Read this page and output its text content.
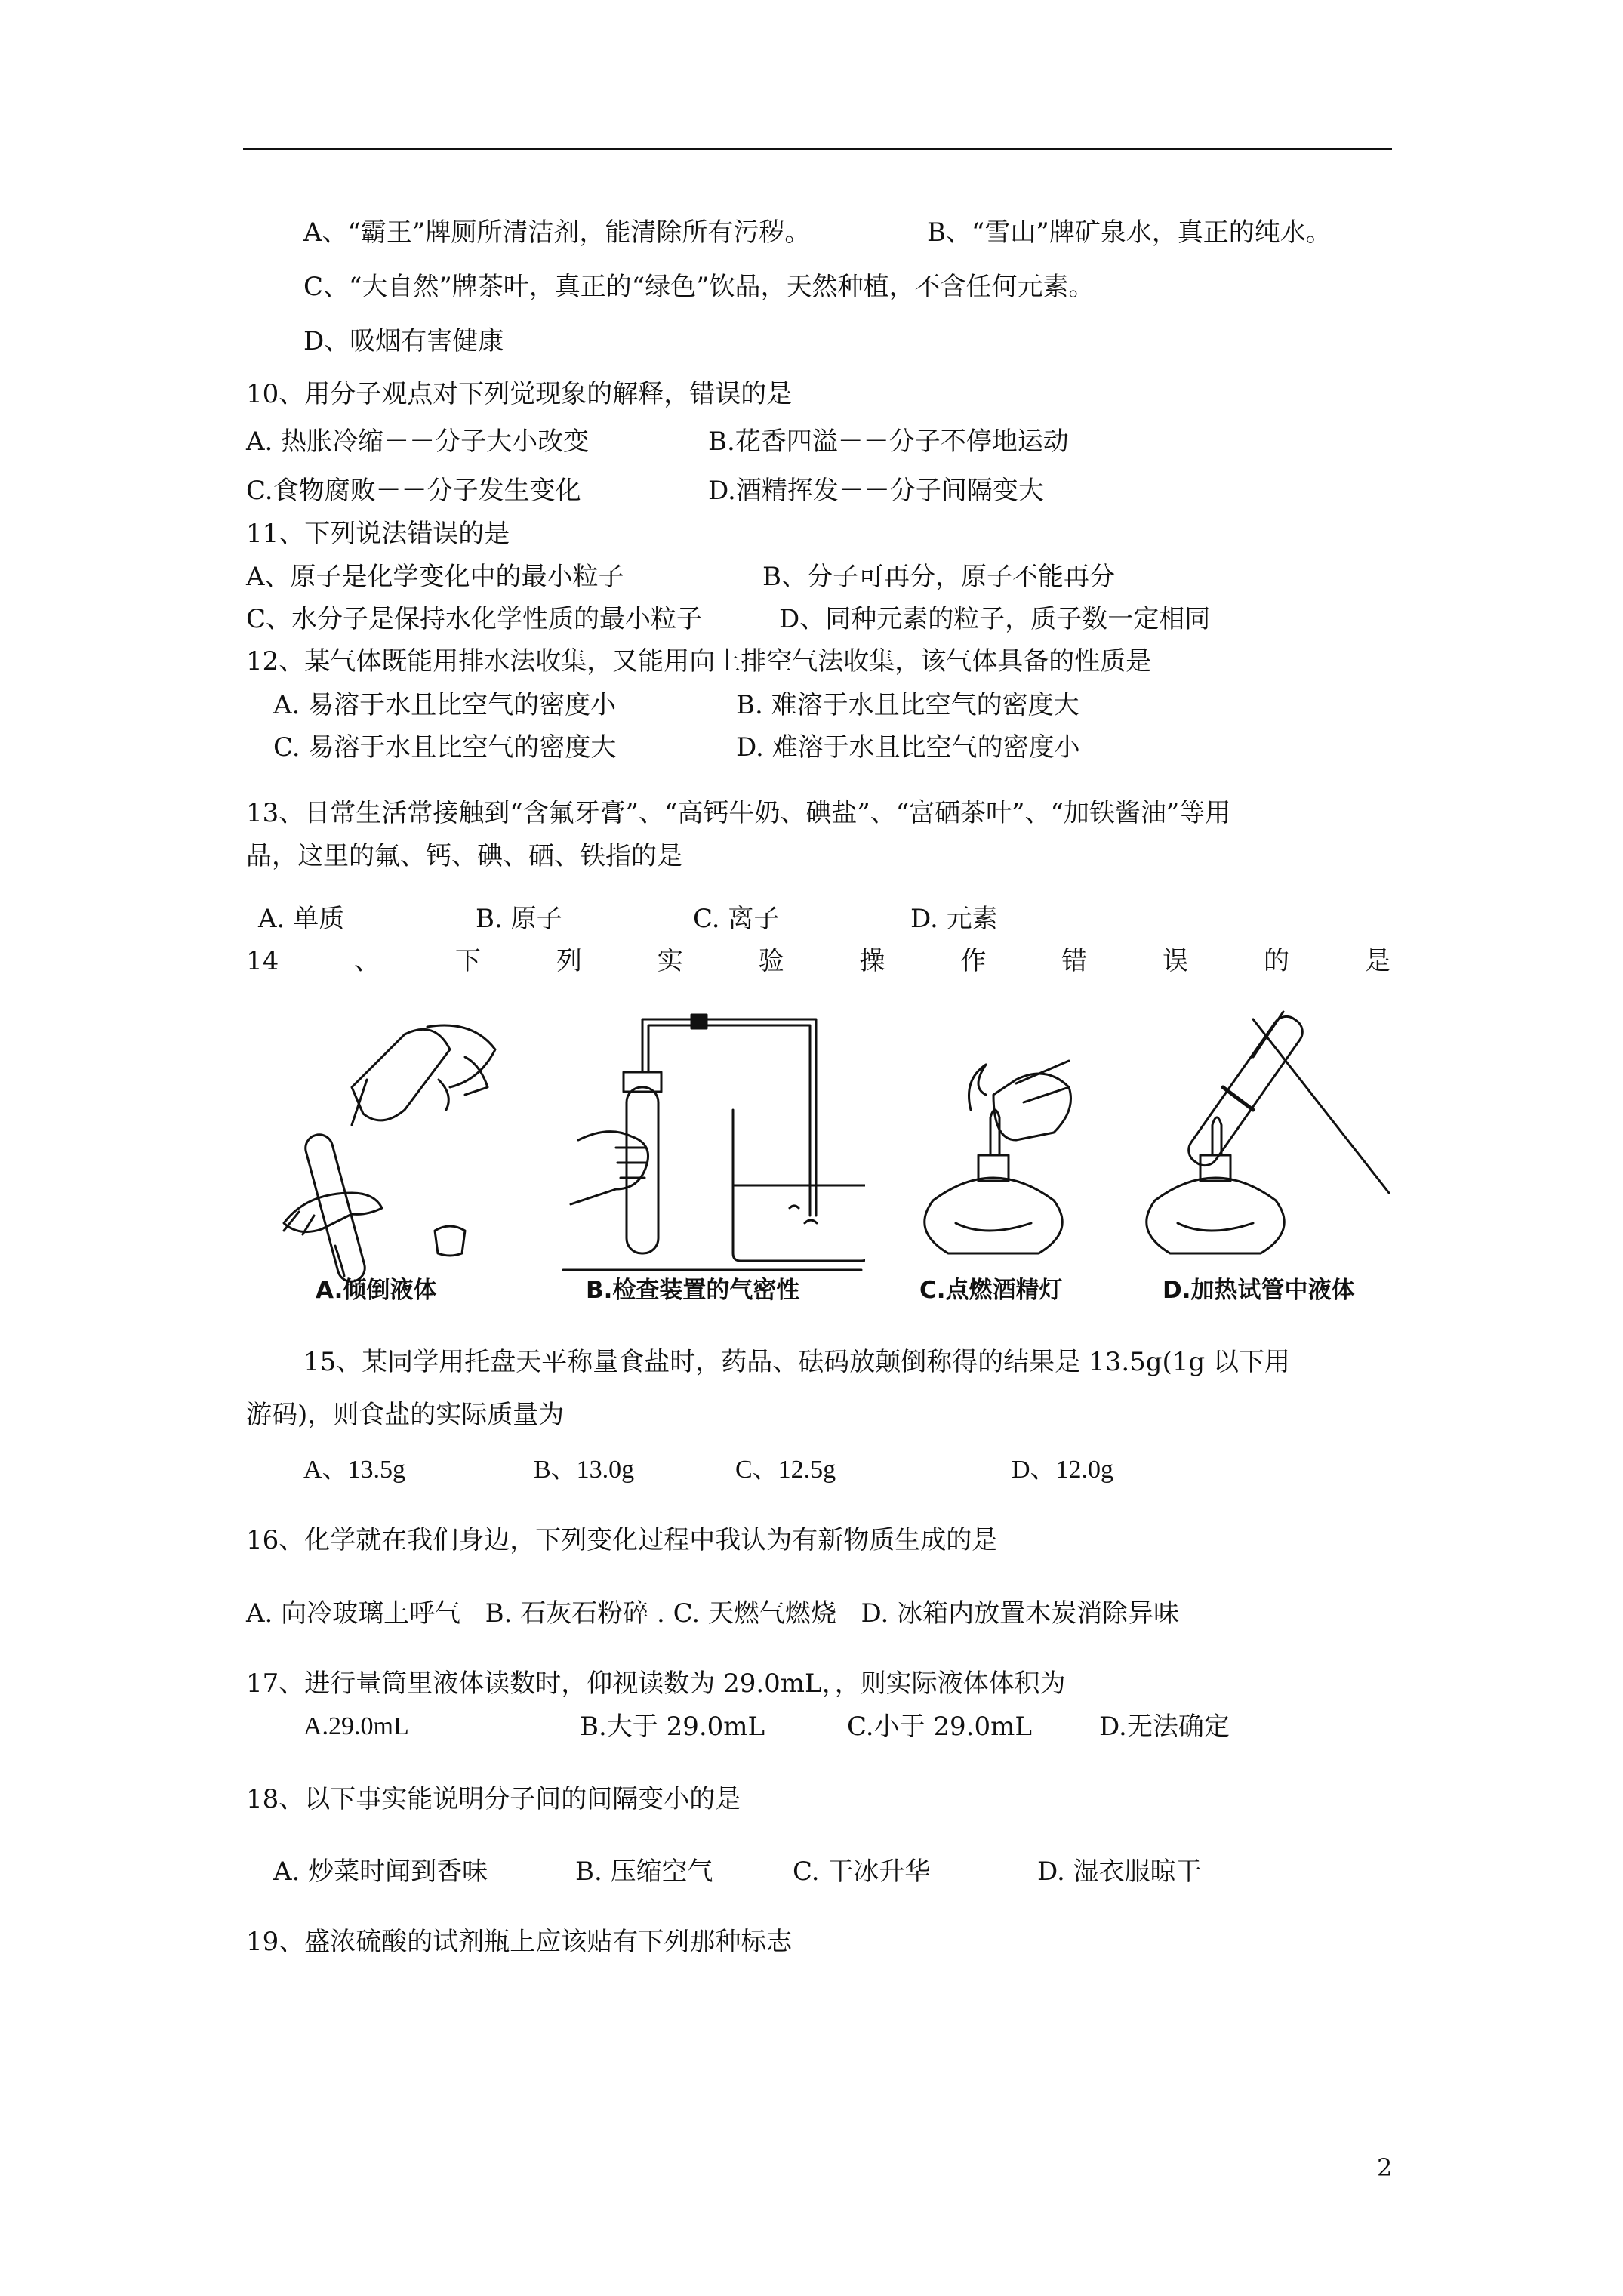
A、“霸王”牌厕所清洁剂，能清除所有污秽。	B、“雪山”牌矿泉水，真正的纯水。
C、“大自然”牌茶叶，真正的“绿色”饮品，天然种植，不含任何元素。
D、吸烟有害健康
10、用分子观点对下列觉现象的解释，错误的是
A. 热胀冷缩－－分子大小改变	B.花香四溢－－分子不停地运动
C.食物腐败－－分子发生变化	D.酒精挥发－－分子间隔变大
11、下列说法错误的是
A、原子是化学变化中的最小粒子	B、分子可再分，原子不能再分
C、水分子是保持水化学性质的最小粒子	D、同种元素的粒子，质子数一定相同
12、某气体既能用排水法收集，又能用向上排空气法收集，该气体具备的性质是
A. 易溶于水且比空气的密度小	B. 难溶于水且比空气的密度大
C. 易溶于水且比空气的密度大	D. 难溶于水且比空气的密度小
13、日常生活常接触到“含氟牙膏”、“高钙牛奶、碘盐”、“富硒茶叶”、“加铁酱油”等用
品，这里的氟、钙、碘、硒、铁指的是
A. 单质	B. 原子	C. 离子	D. 元素
14	、	下	列	实	验	操	作	错	误	的	是
A.倾倒液体	B.检查装置的气密性	C.点燃酒精灯	D.加热试管中液体
15、某同学用托盘天平称量食盐时，药品、砝码放颠倒称得的结果是 13.5g(1g 以下用
游码)，则食盐的实际质量为
A、13.5g	B、13.0g	C、12.5g	D、12.0g
16、化学就在我们身边，下列变化过程中我认为有新物质生成的是
A. 向冷玻璃上呼气   B. 石灰石粉碎 . C. 天燃气燃烧   D. 冰箱内放置木炭消除异味
17、进行量筒里液体读数时，仰视读数为 29.0mL，，则实际液体体积为
A.29.0mL	B.大于 29.0mL	C.小于 29.0mL	D.无法确定
18、以下事实能说明分子间的间隔变小的是
A. 炒菜时闻到香味	B. 压缩空气	C. 干冰升华	D. 湿衣服晾干
19、盛浓硫酸的试剂瓶上应该贴有下列那种标志
2
